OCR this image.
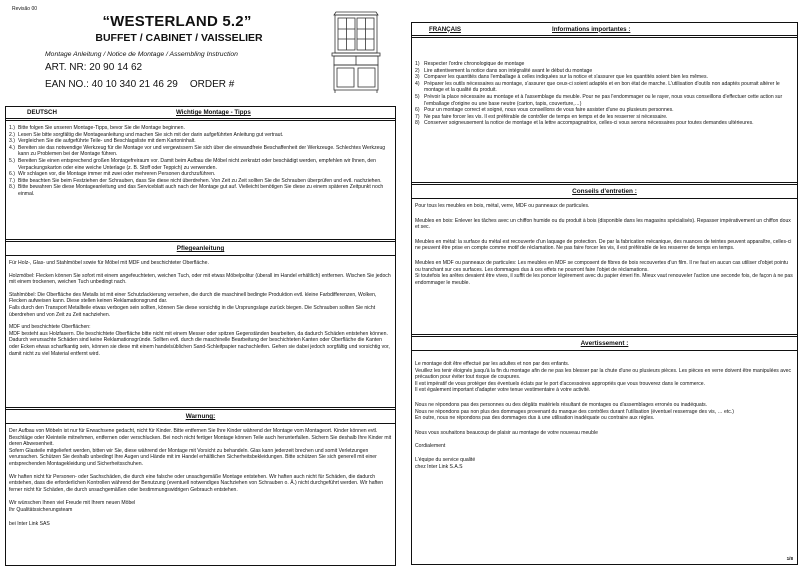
Revisão 00
“WESTERLAND 5.2”
BUFFET / CABINET / VAISSELIER
Montage Anleitung / Notice de Montage / Assembling Instruction
ART. NR: 20 90 14 62
EAN NO.: 40 10 340 21 46 29 ORDER #
DEUTSCH	Wichtige Montage - Tipps
1.) Bitte folgen Sie unseren Montage-Tipps, bevor Sie die Montage beginnen.
2.) Lesen Sie bitte sorgfältig die Montageanleitung und machen Sie sich mit der darin aufgeführten Anleitung gut vertraut.
3.) Vergleichen Sie die aufgeführte Teile- und Beschlagsliste mit dem Kartoninhalt.
4.) Bereiten sie das notwendige Werkzeug für die Montage vor und vergewissern Sie sich über die einwandfreie Beschaffenheit der Werkzeuge. Schlechtes Werkzeug kann zu Problemen bei der Montage führen.
5.) Bereiten Sie einen entsprechend großen Montagefreiraum vor. Damit beim Aufbau die Möbel nicht zerkratzt oder beschädigt werden, empfehlen wir Ihnen, den Verpackungskarton oder eine weiche Unterlage (z. B. Stoff oder Teppich) zu verwenden.
6.) Wir schlagen vor, die Montage immer mit zwei oder mehreren Personen durchzuführen.
7.) Bitte beachten Sie beim Festziehen der Schrauben, dass Sie diese nicht überdrehen. Von Zeit zu Zeit sollten Sie die Schrauben überprüfen und evtl. nachziehen.
8.) Bitte bewahren Sie diese Montageanleitung und das Serviceblatt auch nach der Montage gut auf. Vielleicht benötigen Sie diese zu einem späteren Zeitpunkt noch einmal.
Pflegeanleitung

Für Holz-, Glas- und Stahlmöbel sowie für Möbel mit MDF und beschichteter Oberfläche.

Holzmöbel: Flecken können Sie sofort mit einem angefeuchteten, weichen Tuch, oder mit etwas Möbelpolitur (überall im Handel erhältlich) entfernen. Wischen Sie jedoch mit einem trockenen, weichen Tuch unbedingt nach.

Stahlmöbel: Die Oberfläche des Metalls ist mit einer Schutzlackierung versehen, die durch die maschinell bedingte Produktion evtl. kleine Farbdifferenzen, Wolken, Flecken aufweisen kann. Diese stellen keinen Reklamationsgrund dar.

Falls durch den Transport Metallteile etwas verbogen sein sollten, können Sie diese vorsichtig in die Ursprungslage zurück biegen. Die Schrauben sollten Sie nicht überdrehen und von Zeit zu Zeit nachziehen.

MDF und beschichtete Oberflächen:

MDF besteht aus Holzfasern. Die beschichtete Oberfläche bitte nicht mit einem Messer oder spitzen Gegenständen bearbeiten, da dadurch Schäden entstehen können. Dadurch verursachte Schäden sind keine Reklamationsgründe. Sollten evtl. durch die maschinelle Bearbeitung der beschichteten Kanten oder Oberfläche die Kanten oder Ecken etwas scharfkantig sein, können sie diese mit einem handelsüblichen Sand-Schleifpapier nachschleifen. Gehen sie dabei jedoch sorgfältig und vorsichtig vor, damit nicht zu viel Material entfernt wird.

Warnung:

Der Aufbau von Möbeln ist nur für Erwachsene gedacht, nicht für Kinder. Bitte entfernen Sie Ihre Kinder während der Montage vom Montageort. Kinder können evtl. Beschläge oder Kleinteile mitnehmen, entfernen oder verschlucken. Bei noch nicht fertiger Montage können Teile auch herunterfallen. Sichern Sie deshalb Ihre Kinder mit deren Abwesenheit.

Sofern Glasteile mitgeliefert werden, bitten wir Sie, diese während der Montage mit Vorsicht zu behandeln. Glas kann jederzeit brechen und somit Verletzungen verursachen. Schützen Sie deshalb unbedingt Ihre Augen und Hände mit im Handel erhältlichen Sicherheitsbekleidungen. Bitte schützen Sie sich generell mit einer entsprechenden Montagekleidung und Sicherheitsschuhen.

Wir haften nicht für Personen- oder Sachschäden, die durch eine falsche oder unsachgemäße Montage entstehen. Wir haften auch nicht für Schäden, die dadurch entstehen, dass die erforderlichen Kontrollen während der Benutzung (eventuell notwendiges Nachziehen von Schrauben o. Ä.) nicht durchgeführt werden. Wir haften ferner nicht für Schäden, die durch unsachgemäßen oder bestimmungswidrigen Gebrauch entstehen.

Wir wünschen Ihnen viel Freude mit Ihrem neuen Möbel

Ihr Qualitätssicherungsteam

bei Inter Link SAS

FRANÇAIS	Informations importantes :
1) Respecter l'ordre chronologique de montage
2) Lire attentivement la notice dans son intégralité avant le début du montage
3) Comparer les quantités dans l'emballage à celles indiquées sur la notice et s'assurer que les quantités soient bien les mêmes.
4) Préparer les outils nécessaires au montage, s'assurer que ceux-ci soient adaptés et en bon état de marche. L'utilisation d'outils non adaptés pourrait altérer le montage et la qualité du produit.
5) Prévoir la place nécessaire au montage et à l'assemblage du meuble. Pour ne pas l'endommager ou le rayer, nous vous conseillons d'effectuer cette action sur l'emballage d'origine ou une base neutre (carton, tapis, couverture,…)
6) Pour un montage correct et soigné, nous vous conseillons de vous faire assister d'une ou plusieurs personnes.
7) Ne pas faire forcer les vis. Il est préférable de contrôler de temps en temps et de les resserrer si nécessaire.
8) Conserver soigneusement la notice de montage et la lettre accompagnatrice, celles-ci vous serons nécessaires pour toutes demandes ultérieures.
Conseils d'entretien :

Pour tous les meubles en bois, métal, verre, MDF ou panneaux de particules.

Meubles en bois: Enlever les tâches avec un chiffon humide ou du produit à bois (disponible dans les magasins spécialisés). Repasser impérativement un chiffon doux et sec.

Meubles en métal: la surface du métal est recouverte d'un laquage de protection. De par la fabrication mécanique, des nuances de teintes peuvent apparaître, celles-ci ne peuvent être prise en compte comme motif de réclamation. Ne pas faire forcer les vis, il est préférable de les resserrer de temps en temps.

Meubles en MDF ou panneaux de particules: Les meubles en MDF se composent de fibres de bois recouvertes d'un film. Il ne faut en aucun cas utiliser d'objet pointu ou tranchant sur ces surfaces. Les dommages dus à ces effets ne pourront faire l'objet de réclamations.

Si toutefois les arêtes devaient être vives, il suffit de les poncer légèrement avec du papier émeri fin. Mieux vaut renouveler l'action une seconde fois, de façon à ne pas endommager le meuble.

Avertissement :

Le montage doit être effectué par les adultes et non par des enfants.

Veuillez les tenir éloignés jusqu'à la fin du montage afin de ne pas les blesser par la chute d'une ou plusieurs pièces. Les pièces en verre doivent être manipulées avec précaution pour éviter tout risque de coupures.

Il est impératif de vous protéger des éventuels éclats par le port d'accessoires appropriés que vous trouverez dans le commerce.

Il est également important d'adapter votre tenue vestimentaire à votre activité.

Nous ne répondons pas des personnes ou des dégâts matériels résultant de montages ou d'assemblages erronés ou inadéquats.

Nous ne répondons pas non plus des dommages provenant du manque des contrôles durant l'utilisation (éventuel resserrage des vis, … etc.)

En outre, nous ne répondons pas des dommages dus à une utilisation inadéquate ou contraire aux règles.

Nous vous souhaitons beaucoup de plaisir au montage de votre nouveau meuble

Cordialement

L'équipe du service qualité

chez Inter Link S.A.S

1/8
